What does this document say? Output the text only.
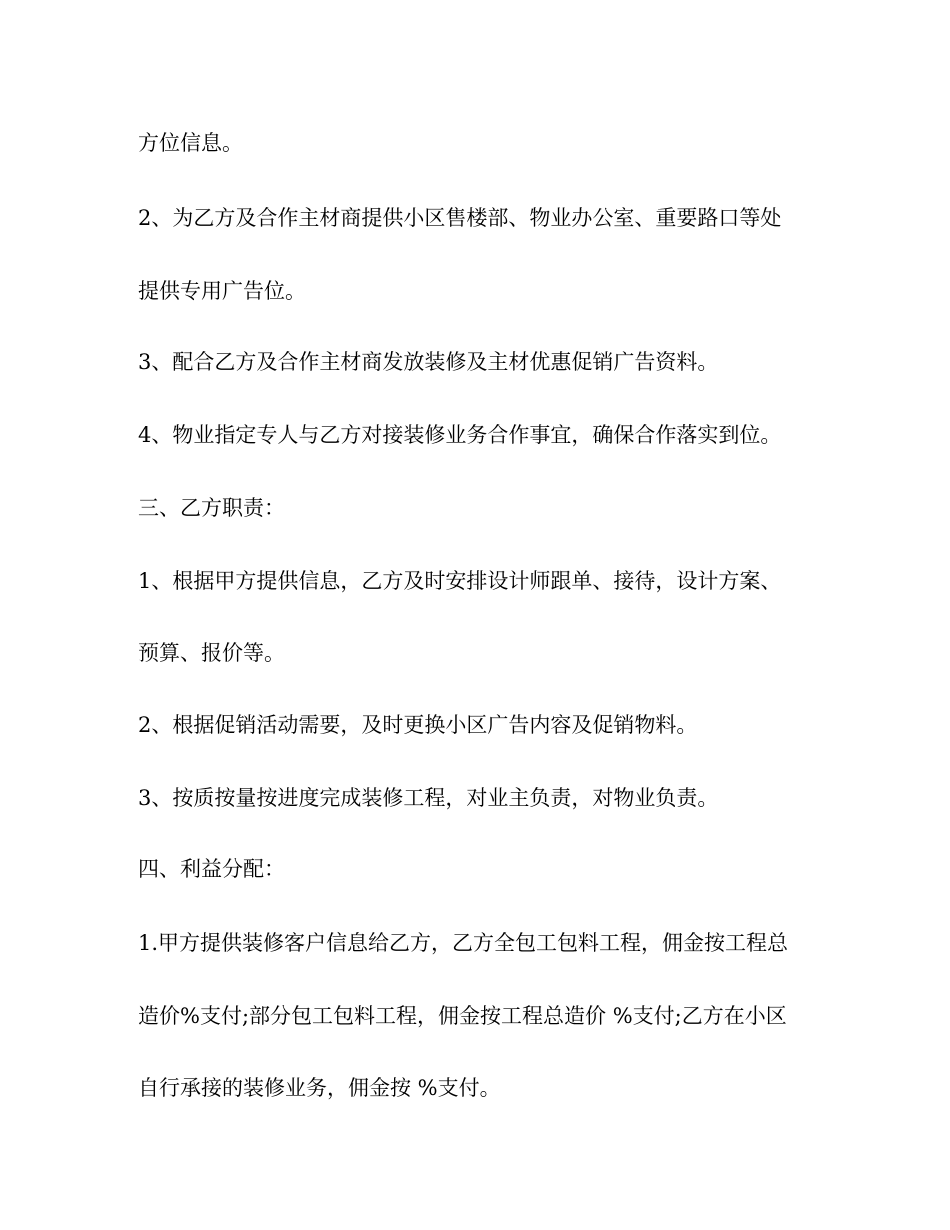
方位信息。

2、为乙方及合作主材商提供小区售楼部、物业办公室、重要路口等处

提供专用广告位。

3、配合乙方及合作主材商发放装修及主材优惠促销广告资料。

4、物业指定专人与乙方对接装修业务合作事宜，确保合作落实到位。

三、乙方职责：

1、根据甲方提供信息，乙方及时安排设计师跟单、接待，设计方案、

预算、报价等。

2、根据促销活动需要，及时更换小区广告内容及促销物料。

3、按质按量按进度完成装修工程，对业主负责，对物业负责。

四、利益分配：

1.甲方提供装修客户信息给乙方，乙方全包工包料工程，佣金按工程总

造价%支付;部分包工包料工程，佣金按工程总造价 %支付;乙方在小区

自行承接的装修业务，佣金按 %支付。
